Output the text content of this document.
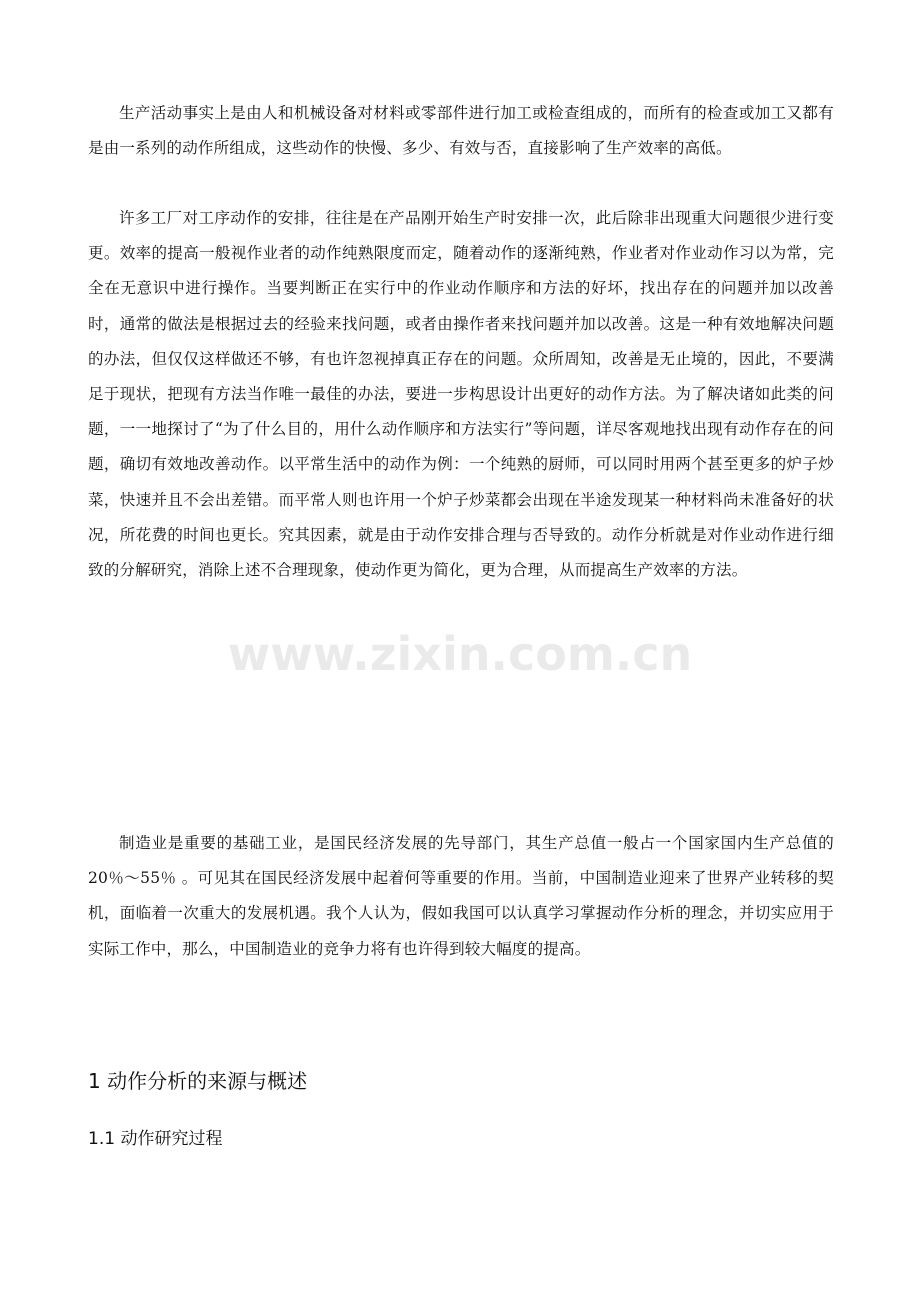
生产活动事实上是由人和机械设备对材料或零部件进行加工或检查组成的，而所有的检查或加工又都有是由一系列的动作所组成，这些动作的快慢、多少、有效与否，直接影响了生产效率的高低。

许多工厂对工序动作的安排，往往是在产品刚开始生产时安排一次，此后除非出现重大问题很少进行变更。效率的提高一般视作业者的动作纯熟限度而定，随着动作的逐渐纯熟，作业者对作业动作习以为常，完全在无意识中进行操作。当要判断正在实行中的作业动作顺序和方法的好坏，找出存在的问题并加以改善时，通常的做法是根据过去的经验来找问题，或者由操作者来找问题并加以改善。这是一种有效地解决问题的办法，但仅仅这样做还不够，有也许忽视掉真正存在的问题。众所周知，改善是无止境的，因此，不要满足于现状，把现有方法当作唯一最佳的办法，要进一步构思设计出更好的动作方法。为了解决诸如此类的问题，一一地探讨了“为了什么目的，用什么动作顺序和方法实行”等问题，详尽客观地找出现有动作存在的问题，确切有效地改善动作。以平常生活中的动作为例：一个纯熟的厨师，可以同时用两个甚至更多的炉子炒菜，快速并且不会出差错。而平常人则也许用一个炉子炒菜都会出现在半途发现某一种材料尚未准备好的状况，所花费的时间也更长。究其因素，就是由于动作安排合理与否导致的。动作分析就是对作业动作进行细致的分解研究，消除上述不合理现象，使动作更为简化，更为合理，从而提高生产效率的方法。

制造业是重要的基础工业，是国民经济发展的先导部门，其生产总值一般占一个国家国内生产总值的20％～55％ 。可见其在国民经济发展中起着何等重要的作用。当前，中国制造业迎来了世界产业转移的契机，面临着一次重大的发展机遇。我个人认为，假如我国可以认真学习掌握动作分析的理念，并切实应用于实际工作中，那么，中国制造业的竞争力将有也许得到较大幅度的提高。

1 动作分析的来源与概述
1.1 动作研究过程
www.zixin.com.cn
